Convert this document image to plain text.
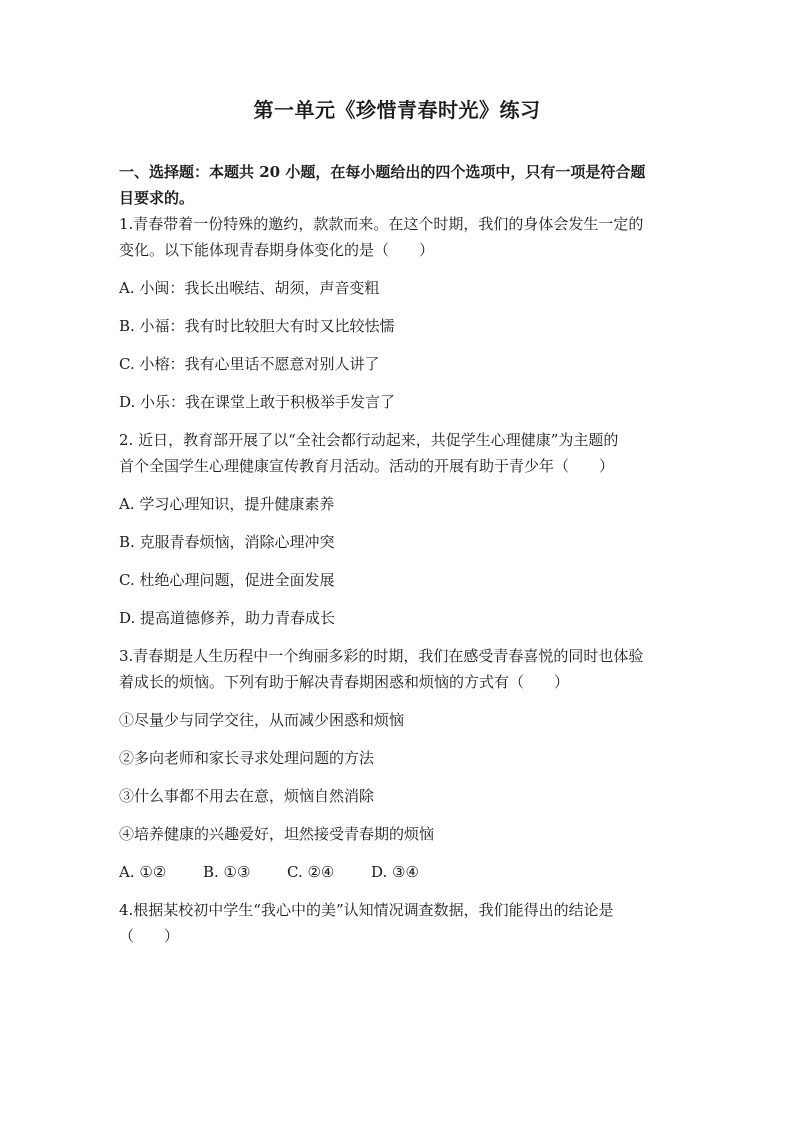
第一单元《珍惜青春时光》练习

一、选择题：本题共 20 小题，在每小题给出的四个选项中，只有一项是符合题

目要求的。

1.青春带着一份特殊的邀约，款款而来。在这个时期，我们的身体会发生一定的

变化。以下能体现青春期身体变化的是（　　）

A. 小闽：我长出喉结、胡须，声音变粗

B. 小福：我有时比较胆大有时又比较怯懦

C. 小榕：我有心里话不愿意对别人讲了

D. 小乐：我在课堂上敢于积极举手发言了

2. 近日，教育部开展了以“全社会都行动起来，共促学生心理健康”为主题的

首个全国学生心理健康宣传教育月活动。活动的开展有助于青少年（　　）

A. 学习心理知识，提升健康素养

B. 克服青春烦恼，消除心理冲突

C. 杜绝心理问题，促进全面发展

D. 提高道德修养，助力青春成长

3.青春期是人生历程中一个绚丽多彩的时期，我们在感受青春喜悦的同时也体验

着成长的烦恼。下列有助于解决青春期困惑和烦恼的方式有（　　）

①尽量少与同学交往，从而减少困惑和烦恼

②多向老师和家长寻求处理问题的方法

③什么事都不用去在意，烦恼自然消除

④培养健康的兴趣爱好，坦然接受青春期的烦恼

A. ①②	B. ①③	C. ②④	D. ③④

4.根据某校初中学生“我心中的美”认知情况调查数据，我们能得出的结论是

（　　）
